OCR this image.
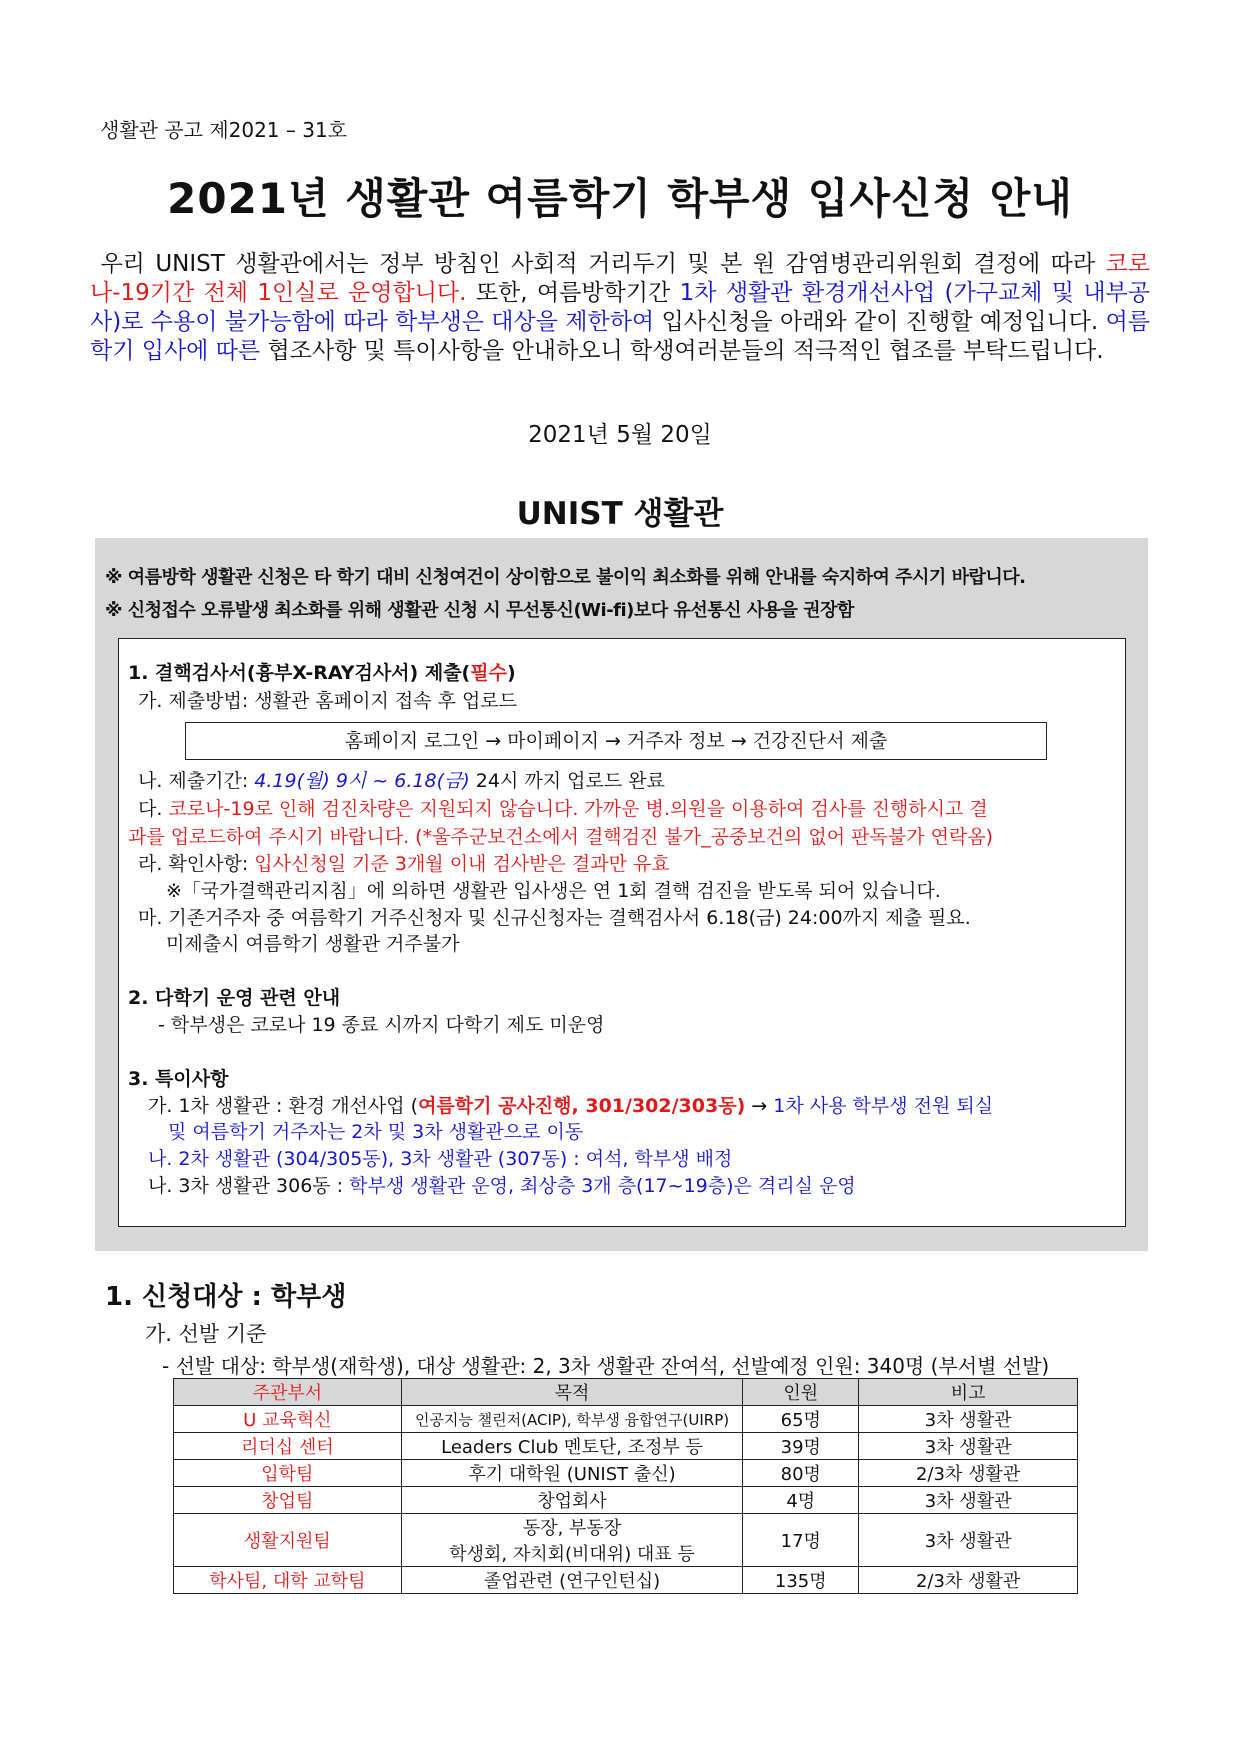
생활관 공고 제2021 – 31호
2021년 생활관 여름학기 학부생 입사신청 안내
우리 UNIST 생활관에서는 정부 방침인 사회적 거리두기 및 본 원 감염병관리위원회 결정에 따라 코로나-19기간 전체 1인실로 운영합니다. 또한, 여름방학기간 1차 생활관 환경개선사업 (가구교체 및 내부공사)로 수용이 불가능함에 따라 학부생은 대상을 제한하여 입사신청을 아래와 같이 진행할 예정입니다. 여름 학기 입사에 따른 협조사항 및 특이사항을 안내하오니 학생여러분들의 적극적인 협조를 부탁드립니다.
2021년 5월 20일
UNIST 생활관
※ 여름방학 생활관 신청은 타 학기 대비 신청여건이 상이함으로 불이익 최소화를 위해 안내를 숙지하여 주시기 바랍니다.
※ 신청접수 오류발생 최소화를 위해 생활관 신청 시 무선통신(Wi-fi)보다 유선통신 사용을 권장함
1. 결핵검사서(흉부X-RAY검사서) 제출(필수)
가. 제출방법: 생활관 홈페이지 접속 후 업로드
홈페이지 로그인 → 마이페이지 → 거주자 정보 → 건강진단서 제출
나. 제출기간: 4.19(월) 9시 ~ 6.18(금) 24시 까지 업로드 완료
다. 코로나-19로 인해 검진차량은 지원되지 않습니다. 가까운 병.의원을 이용하여 검사를 진행하시고 결
과를 업로드하여 주시기 바랍니다. (*울주군보건소에서 결핵검진 불가_공중보건의 없어 판독불가 연락옴)
라. 확인사항: 입사신청일 기준 3개월 이내 검사받은 결과만 유효
※「국가결핵관리지침」에 의하면 생활관 입사생은 연 1회 결핵 검진을 받도록 되어 있습니다.
마. 기존거주자 중 여름학기 거주신청자 및 신규신청자는 결핵검사서 6.18(금) 24:00까지 제출 필요.
미제출시 여름학기 생활관 거주불가
2. 다학기 운영 관련 안내
- 학부생은 코로나 19 종료 시까지 다학기 제도 미운영
3. 특이사항
가. 1차 생활관 : 환경 개선사업 (여름학기 공사진행, 301/302/303동) → 1차 사용 학부생 전원 퇴실
및 여름학기 거주자는 2차 및 3차 생활관으로 이동
나. 2차 생활관 (304/305동), 3차 생활관 (307동) : 여석, 학부생 배정
나. 3차 생활관 306동 : 학부생 생활관 운영, 최상층 3개 층(17~19층)은 격리실 운영
1. 신청대상 : 학부생
가. 선발 기준
- 선발 대상: 학부생(재학생), 대상 생활관: 2, 3차 생활관 잔여석, 선발예정 인원: 340명 (부서별 선발)
주관부서	목적	인원	비고
U 교육혁신	인공지능 챌린저(ACIP), 학부생 융합연구(UIRP)	65명	3차 생활관
리더십 센터	Leaders Club 멘토단, 조정부 등	39명	3차 생활관
입학팀	후기 대학원 (UNIST 출신)	80명	2/3차 생활관
창업팀	창업회사	4명	3차 생활관
생활지원팀	동장, 부동장
학생회, 자치회(비대위) 대표 등	17명	3차 생활관
학사팀, 대학 교학팀	졸업관련 (연구인턴십)	135명	2/3차 생활관
